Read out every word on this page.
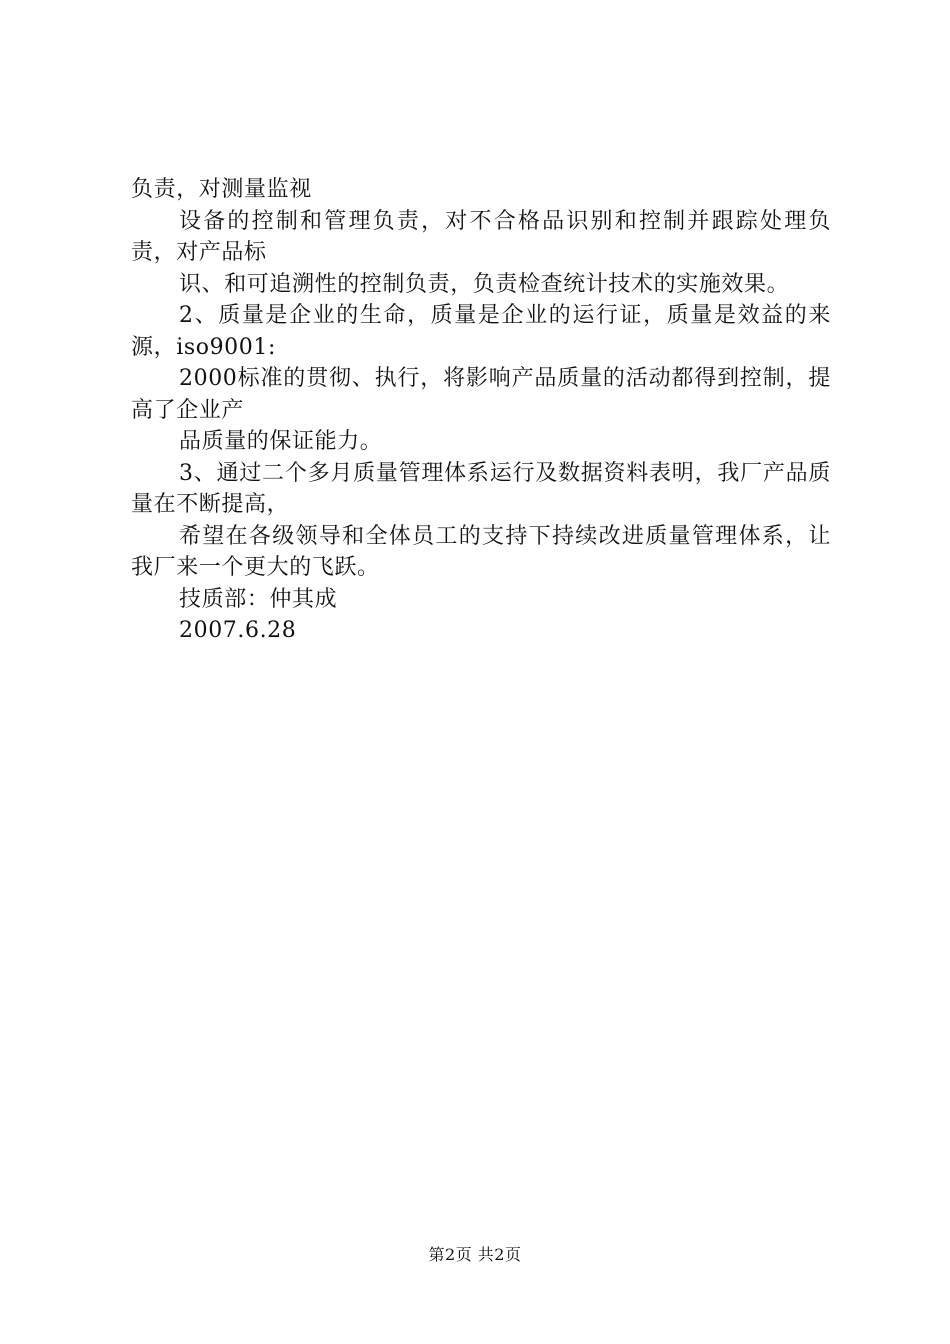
负责，对测量监视

设备的控制和管理负责，对不合格品识别和控制并跟踪处理负责，对产品标

识、和可追溯性的控制负责，负责检查统计技术的实施效果。

2、质量是企业的生命，质量是企业的运行证，质量是效益的来源，iso9001:

2000标准的贯彻、执行，将影响产品质量的活动都得到控制，提高了企业产

品质量的保证能力。

3、通过二个多月质量管理体系运行及数据资料表明，我厂产品质量在不断提高，

希望在各级领导和全体员工的支持下持续改进质量管理体系，让我厂来一个更大的飞跃。

技质部：仲其成

2007.6.28

第2页 共2页
